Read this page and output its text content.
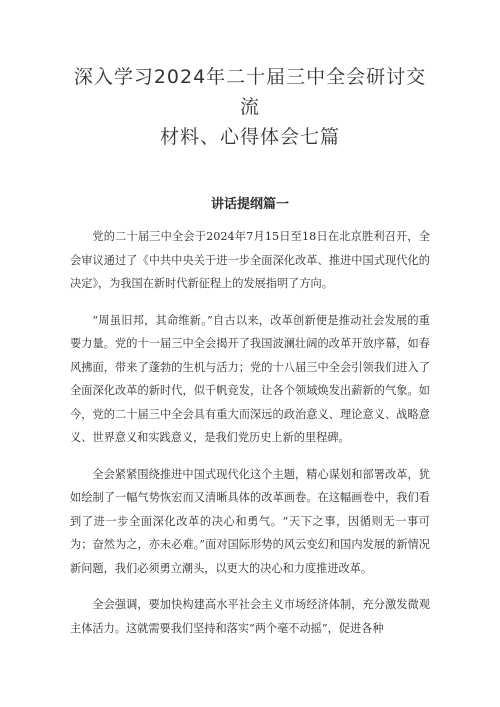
深入学习2024年二十届三中全会研讨交流
材料、心得体会七篇
讲话提纲篇一

党的二十届三中全会于2024年7月15日至18日在北京胜利召开，全会审议通过了《中共中央关于进一步全面深化改革、推进中国式现代化的决定》，为我国在新时代新征程上的发展指明了方向。

“周虽旧邦，其命维新。”自古以来，改革创新便是推动社会发展的重要力量。党的十一届三中全会揭开了我国波澜壮阔的改革开放序幕，如春风拂面，带来了蓬勃的生机与活力；党的十八届三中全会引领我们进入了全面深化改革的新时代，似千帆竞发，让各个领域焕发出薪新的气象。如今，党的二十届三中全会具有重大而深远的政治意义、理论意义、战略意义、世界意义和实践意义，是我们党历史上新的里程碑。

全会紧紧围绕推进中国式现代化这个主题，精心谋划和部署改革，犹如绘制了一幅气势恢宏而又清晰具体的改革画卷。在这幅画卷中，我们看到了进一步全面深化改革的决心和勇气。“天下之事，因循则无一事可为；奋然为之，亦未必难。”面对国际形势的风云变幻和国内发展的新情况新问题，我们必须勇立潮头，以更大的决心和力度推进改革。

全会强调，要加快构建高水平社会主义市场经济体制，充分激发微观主体活力。这就需要我们坚持和落实“两个毫不动摇”，促进各种
